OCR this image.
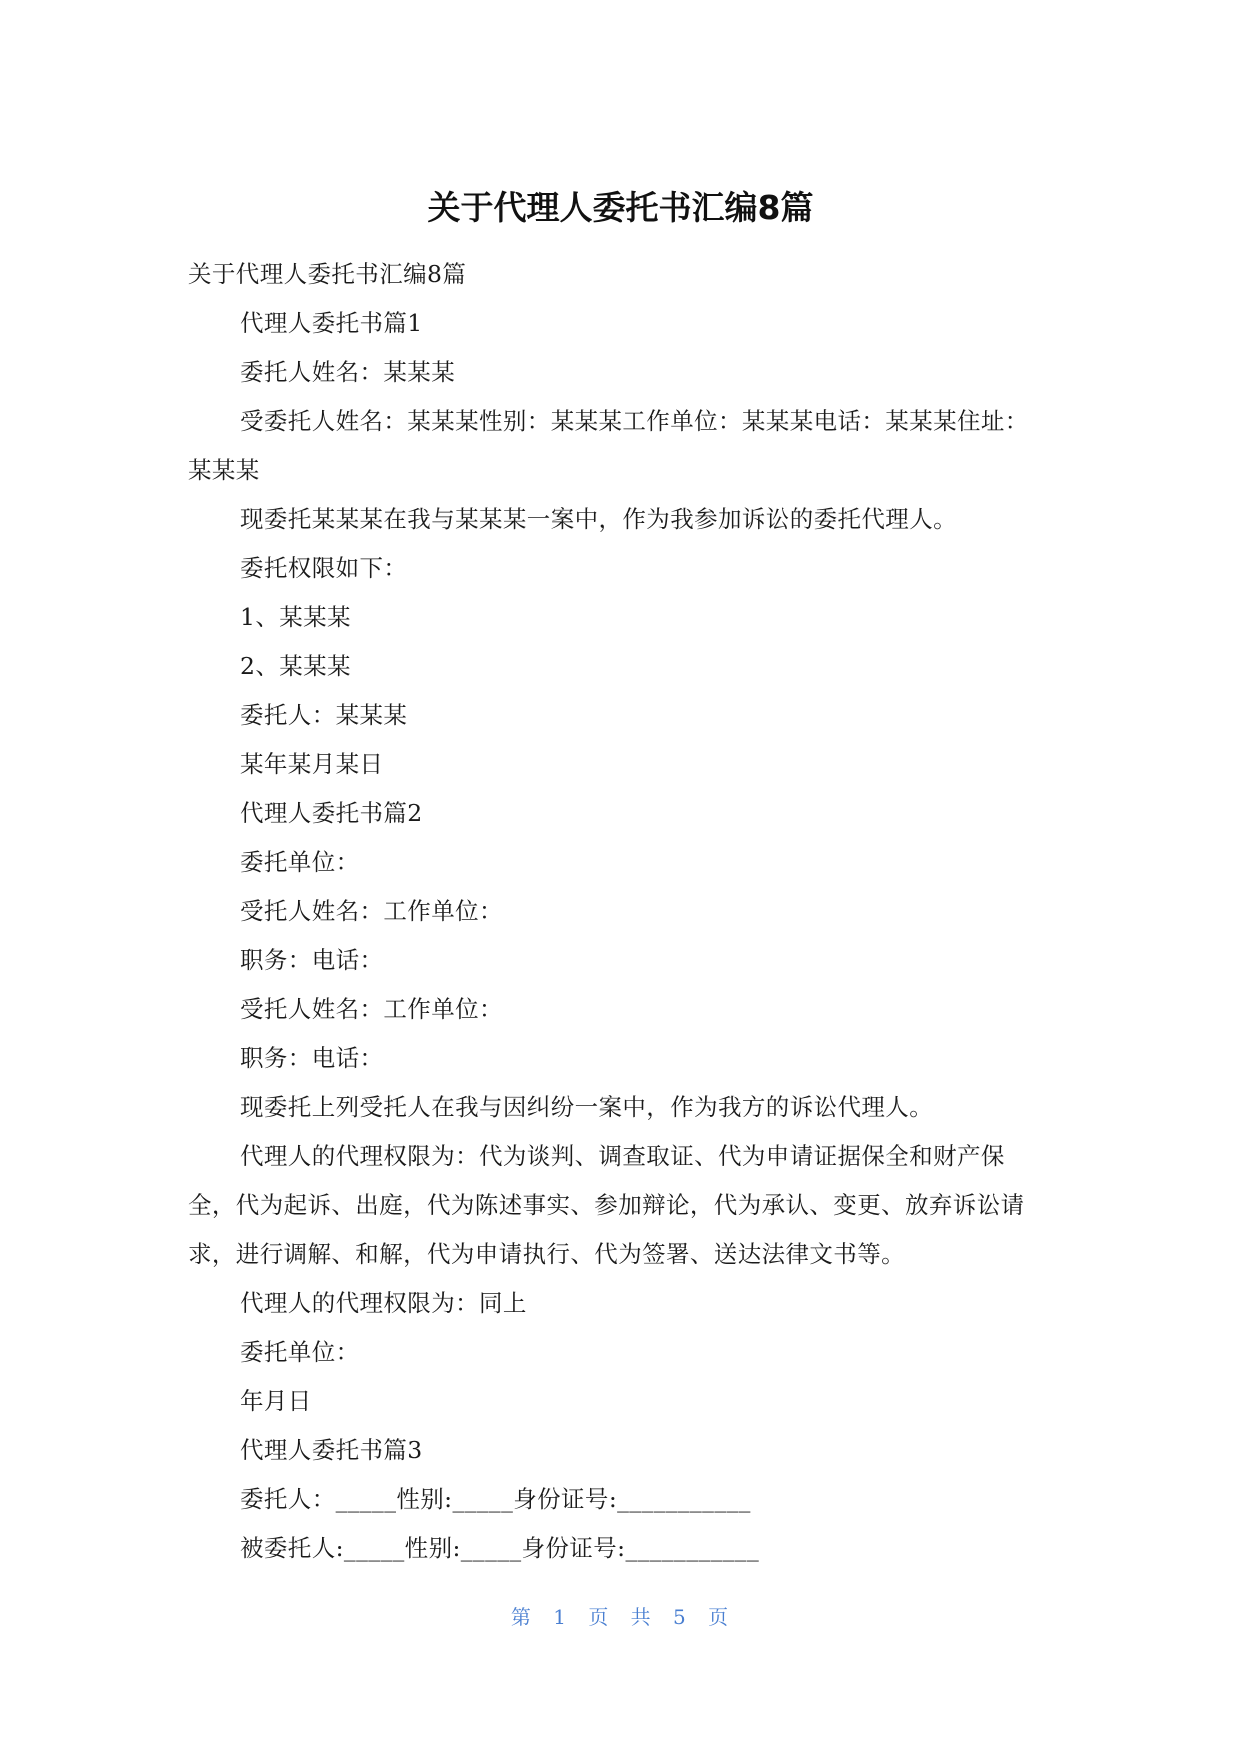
关于代理人委托书汇编8篇

关于代理人委托书汇编8篇

代理人委托书篇1

委托人姓名：某某某

受委托人姓名：某某某性别：某某某工作单位：某某某电话：某某某住址：某某某

现委托某某某在我与某某某一案中，作为我参加诉讼的委托代理人。

委托权限如下：

1、某某某

2、某某某

委托人：某某某

某年某月某日

代理人委托书篇2

委托单位：

受托人姓名：工作单位：

职务：电话：

受托人姓名：工作单位：

职务：电话：

现委托上列受托人在我与因纠纷一案中，作为我方的诉讼代理人。

代理人的代理权限为：代为谈判、调查取证、代为申请证据保全和财产保全，代为起诉、出庭，代为陈述事实、参加辩论，代为承认、变更、放弃诉讼请求，进行调解、和解，代为申请执行、代为签署、送达法律文书等。

代理人的代理权限为：同上

委托单位：

年月日

代理人委托书篇3

委托人：_____性别:_____身份证号:___________

被委托人:_____性别:_____身份证号:___________

第 1 页 共 5 页
